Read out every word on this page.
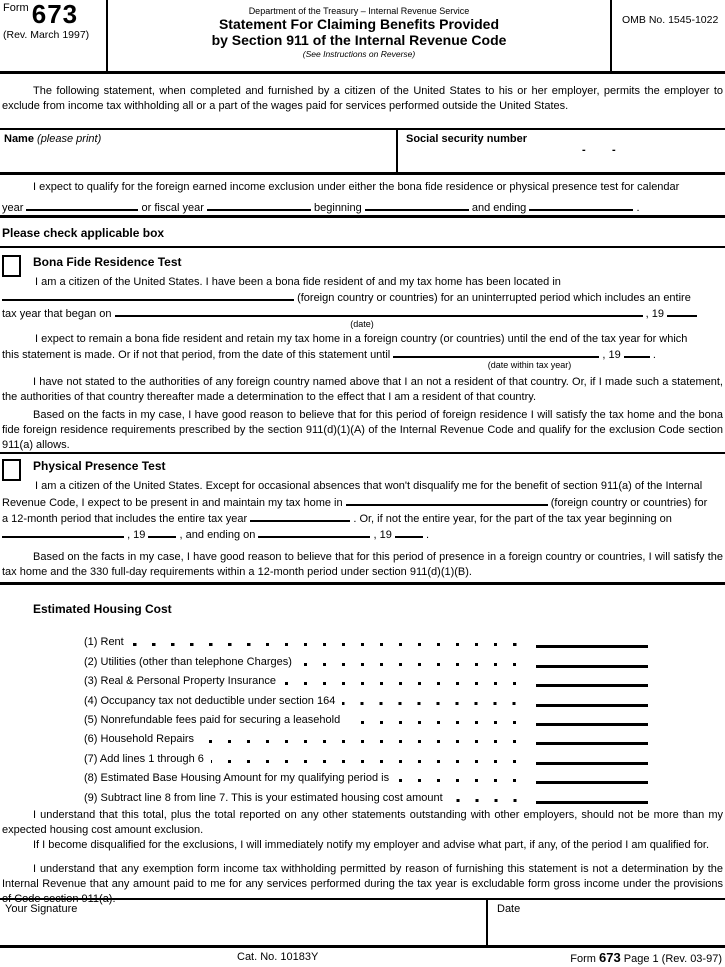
Form 673
(Rev. March 1997)
Department of the Treasury – Internal Revenue Service
Statement For Claiming Benefits Provided
by Section 911 of the Internal Revenue Code
(See Instructions on Reverse)
OMB No. 1545-1022
The following statement, when completed and furnished by a citizen of the United States to his or her employer, permits the employer to exclude from income tax withholding all or a part of the wages paid for services performed outside the United States.
Name (please print)	Social security number
- -
I expect to qualify for the foreign earned income exclusion under either the bona fide residence or physical presence test for calendar
year	or fiscal year	beginning	and ending	.
Please check applicable box
Bona Fide Residence Test
I am a citizen of the United States. I have been a bona fide resident of and my tax home has been located in
(foreign country or countries) for an uninterrupted period which includes an entire
tax year that began on	, 19
(date)
I expect to remain a bona fide resident and retain my tax home in a foreign country (or countries) until the end of the tax year for which
this statement is made. Or if not that period, from the date of this statement until	, 19	.
(date within tax year)
I have not stated to the authorities of any foreign country named above that I an not a resident of that country. Or, if I made such a statement, the authorities of that country thereafter made a determination to the effect that I am a resident of that country.
Based on the facts in my case, I have good reason to believe that for this period of foreign residence I will satisfy the tax home and the bona fide foreign residence requirements prescribed by the section 911(d)(1)(A) of the Internal Revenue Code and qualify for the exclusion Code section 911(a) allows.
Physical Presence Test
I am a citizen of the United States. Except for occasional absences that won't disqualify me for the benefit of section 911(a) of the Internal
Revenue Code, I expect to be present in and maintain my tax home in	(foreign country or countries) for
a 12-month period that includes the entire tax year	. Or, if not the entire year, for the part of the tax year beginning on
, 19	, and ending on	, 19	.
Based on the facts in my case, I have good reason to believe that for this period of presence in a foreign country or countries, I will satisfy the tax home and the 330 full-day requirements within a 12-month period under section 911(d)(1)(B).
Estimated Housing Cost
(1) Rent
(2) Utilities (other than telephone Charges)
(3) Real & Personal Property Insurance
(4) Occupancy tax not deductible under section 164
(5) Nonrefundable fees paid for securing a leasehold
(6) Household Repairs
(7) Add lines 1 through 6
(8) Estimated Base Housing Amount for my qualifying period is
(9) Subtract line 8 from line 7. This is your estimated housing cost amount
I understand that this total, plus the total reported on any other statements outstanding with other employers, should not be more than my expected housing cost amount exclusion.
If I become disqualified for the exclusions, I will immediately notify my employer and advise what part, if any, of the period I am qualified for.
I understand that any exemption form income tax withholding permitted by reason of furnishing this statement is not a determination by the Internal Revenue that any amount paid to me for any services performed during the tax year is excludable form gross income under the provisions of Code section 911(a).
Your Signature	Date
Cat. No. 10183Y	Form 673 Page 1 (Rev. 03-97)
